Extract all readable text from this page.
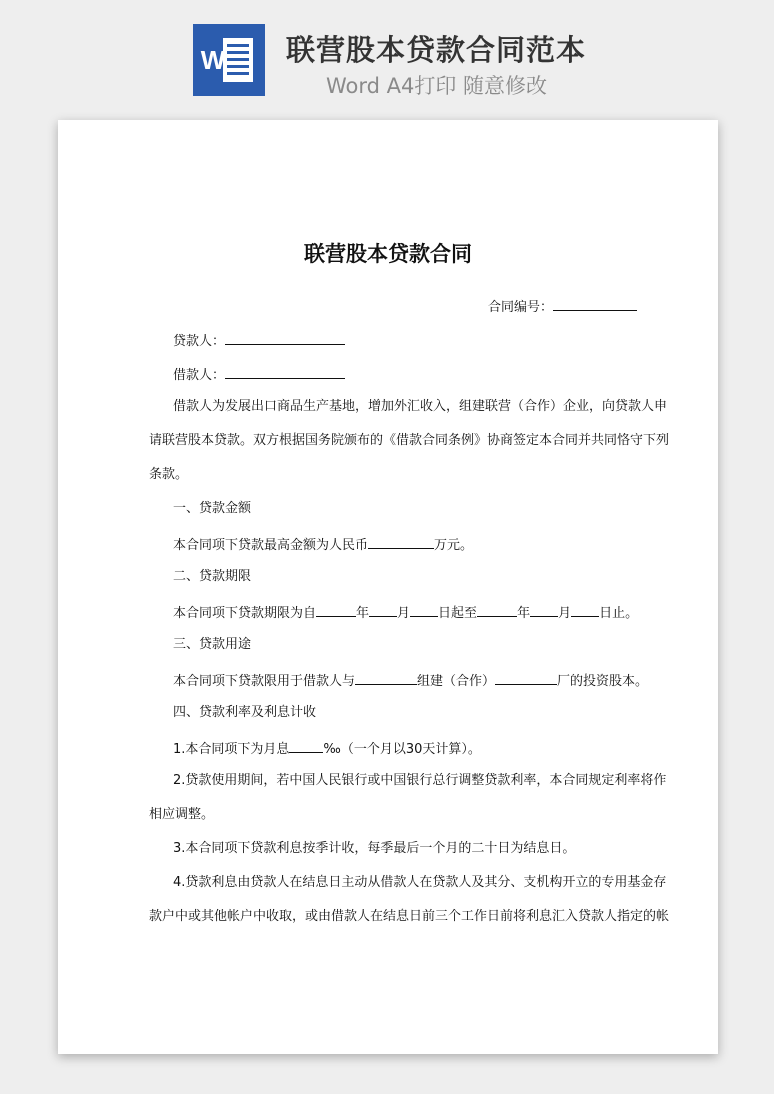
W 联营股本贷款合同范本
Word A4打印 随意修改
联营股本贷款合同
合同编号：
贷款人：
借款人：
借款人为发展出口商品生产基地，增加外汇收入，组建联营（合作）企业，向贷款人申
请联营股本贷款。双方根据国务院颁布的《借款合同条例》协商签定本合同并共同恪守下列
条款。
一、贷款金额
本合同项下贷款最高金额为人民币	万元。
二、贷款期限
本合同项下贷款期限为自	年 月 日起至	年 月 日止。
三、贷款用途
本合同项下贷款限用于借款人与	组建（合作）	厂的投资股本。
四、贷款利率及利息计收
1.本合同项下为月息	‰（一个月以30天计算）。
2.贷款使用期间，若中国人民银行或中国银行总行调整贷款利率，本合同规定利率将作
相应调整。
3.本合同项下贷款利息按季计收，每季最后一个月的二十日为结息日。
4.贷款利息由贷款人在结息日主动从借款人在贷款人及其分、支机构开立的专用基金存
款户中或其他帐户中收取，或由借款人在结息日前三个工作日前将利息汇入贷款人指定的帐
